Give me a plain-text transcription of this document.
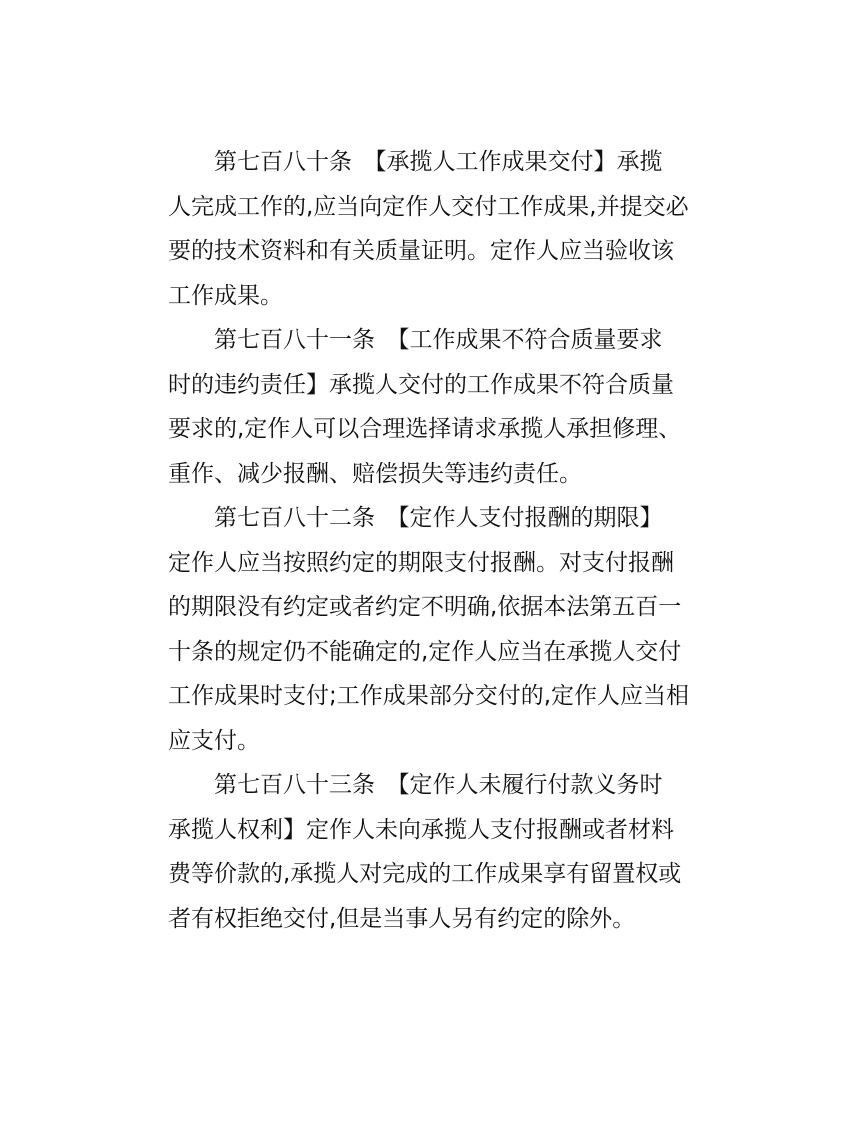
第七百八十条　【承揽人工作成果交付】承揽

人完成工作的,应当向定作人交付工作成果,并提交必

要的技术资料和有关质量证明。定作人应当验收该

工作成果。

第七百八十一条　【工作成果不符合质量要求

时的违约责任】承揽人交付的工作成果不符合质量

要求的,定作人可以合理选择请求承揽人承担修理、

重作、减少报酬、赔偿损失等违约责任。

第七百八十二条　【定作人支付报酬的期限】

定作人应当按照约定的期限支付报酬。对支付报酬

的期限没有约定或者约定不明确,依据本法第五百一

十条的规定仍不能确定的,定作人应当在承揽人交付

工作成果时支付;工作成果部分交付的,定作人应当相

应支付。

第七百八十三条　【定作人未履行付款义务时

承揽人权利】定作人未向承揽人支付报酬或者材料

费等价款的,承揽人对完成的工作成果享有留置权或

者有权拒绝交付,但是当事人另有约定的除外。
